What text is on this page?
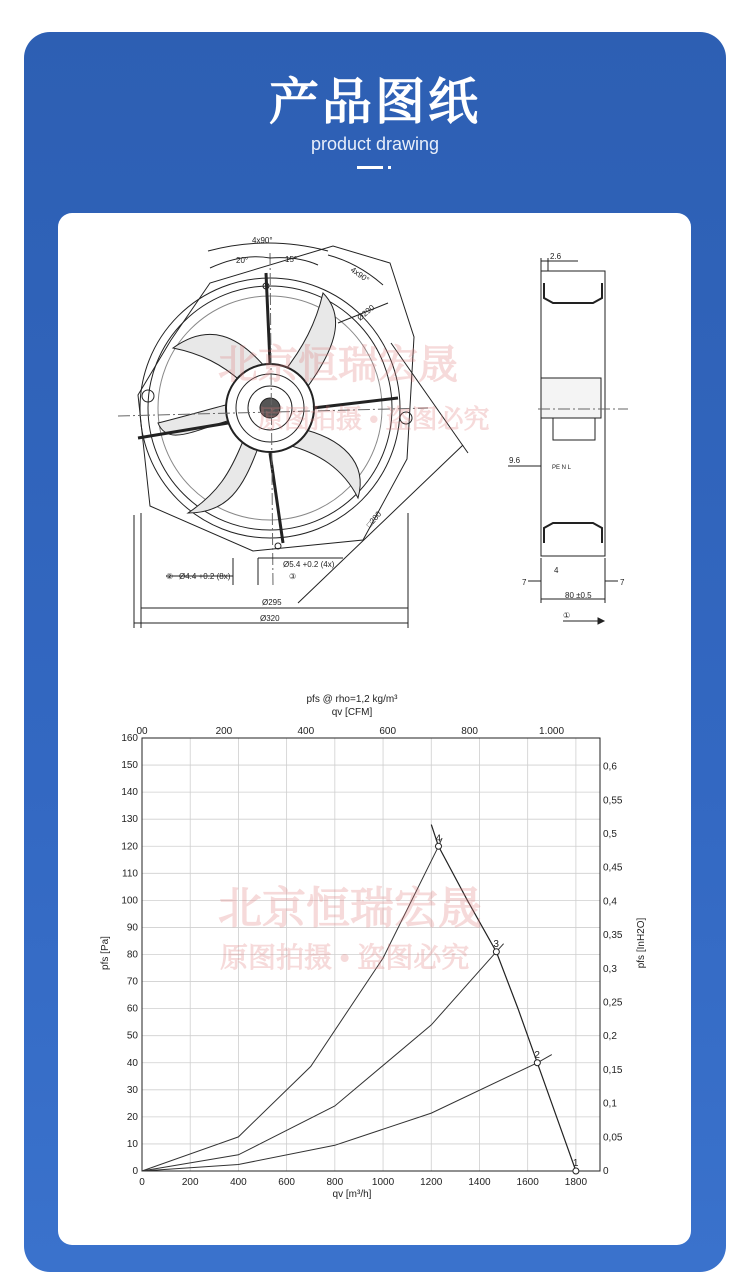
产品图纸
product drawing
4x90°
20°	15°
4x90°
Ø290
□280
② Ø4.4 +0.2 (8x)
Ø5.4 +0.2 (4x)
③
Ø295
Ø320
2.6
9.6
4
7	7
80 ±0.5
①
PE N L
pfs @ rho=1,2 kg/m³
qv [CFM]
qv [m³/h]
pfs [Pa]	pfs [InH2O]
0
10
20
30
40
50
60
70
80
90
100
110
120
130
140
150
160
0	200	400	600	800	1000	1200	1400	1600	1800
00	200	400	600	800	1.000
0
0,05
0,1
0,15
0,2
0,25
0,3
0,35
0,4
0,45
0,5
0,55
0,6
1
2
3
4
北京恒瑞宏晟
原图拍摄 • 盗图必究
北京恒瑞宏晟
原图拍摄 • 盗图必究
